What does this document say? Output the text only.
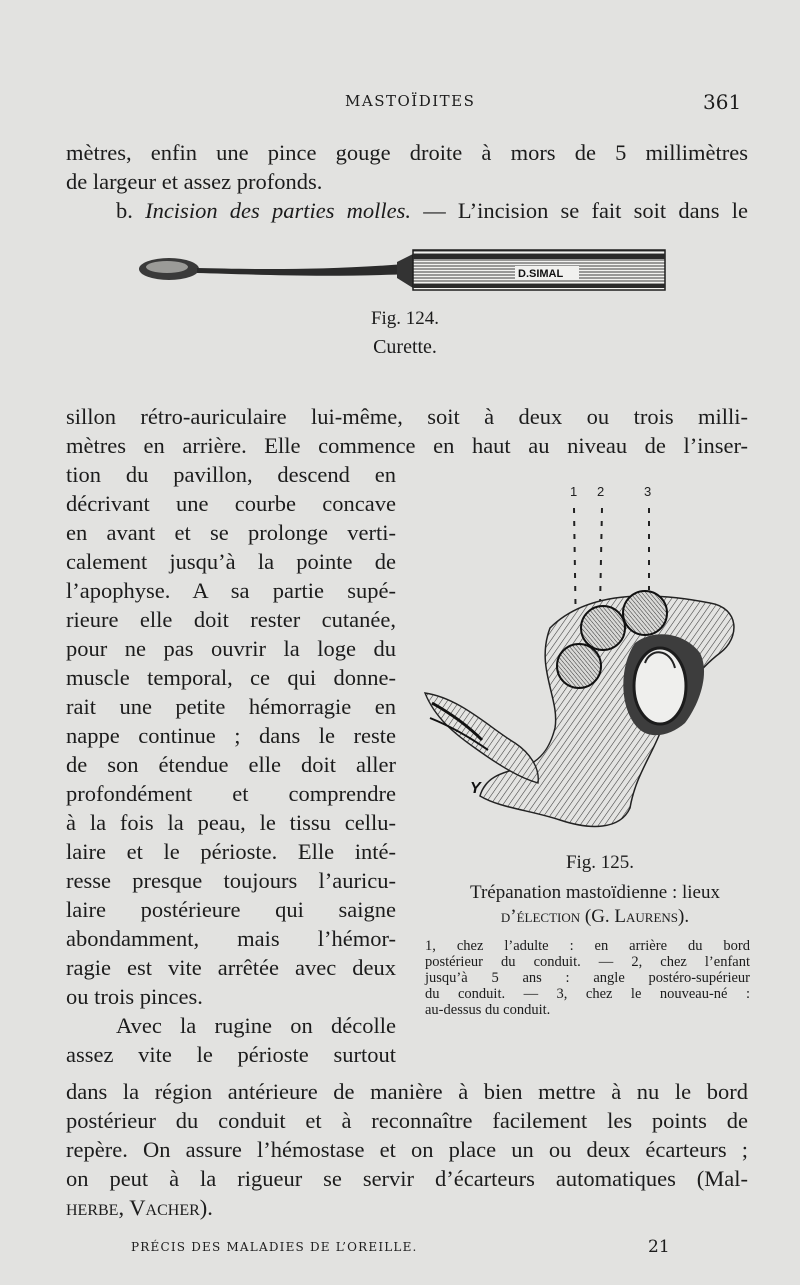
MASTOÏDITES	361
mètres, enfin une pince gouge droite à mors de 5 millimètres
de largeur et assez profonds.
b. Incision des parties molles. — L’incision se fait soit dans le
D.SIMAL
Fig. 124.
Curette.
sillon rétro-auriculaire lui-même, soit à deux ou trois milli-
mètres en arrière. Elle commence en haut au niveau de l’inser-
tion du pavillon, descend en
décrivant une courbe concave
en avant et se prolonge verti-
calement jusqu’à la pointe de
l’apophyse. A sa partie supé-
rieure elle doit rester cutanée,
pour ne pas ouvrir la loge du
muscle temporal, ce qui donne-
rait une petite hémorragie en
nappe continue ; dans le reste
de son étendue elle doit aller
profondément et comprendre
à la fois la peau, le tissu cellu-
laire et le périoste. Elle inté-
resse presque toujours l’auricu-
laire postérieure qui saigne
abondamment, mais l’hémor-
ragie est vite arrêtée avec deux
ou trois pinces.
Avec la rugine on décolle
assez vite le périoste surtout
1 2	3
Y
Fig. 125.
Trépanation mastoïdienne : lieux
d’élection (G. Laurens).
1, chez l’adulte : en arrière du bord
postérieur du conduit. — 2, chez l’enfant
jusqu’à 5 ans : angle postéro-supérieur
du conduit. — 3, chez le nouveau-né :
au-dessus du conduit.
dans la région antérieure de manière à bien mettre à nu le bord
postérieur du conduit et à reconnaître facilement les points de
repère. On assure l’hémostase et on place un ou deux écarteurs ;
on peut à la rigueur se servir d’écarteurs automatiques (Mal-
herbe, Vacher).
PRÉCIS DES MALADIES DE L’OREILLE.	21
